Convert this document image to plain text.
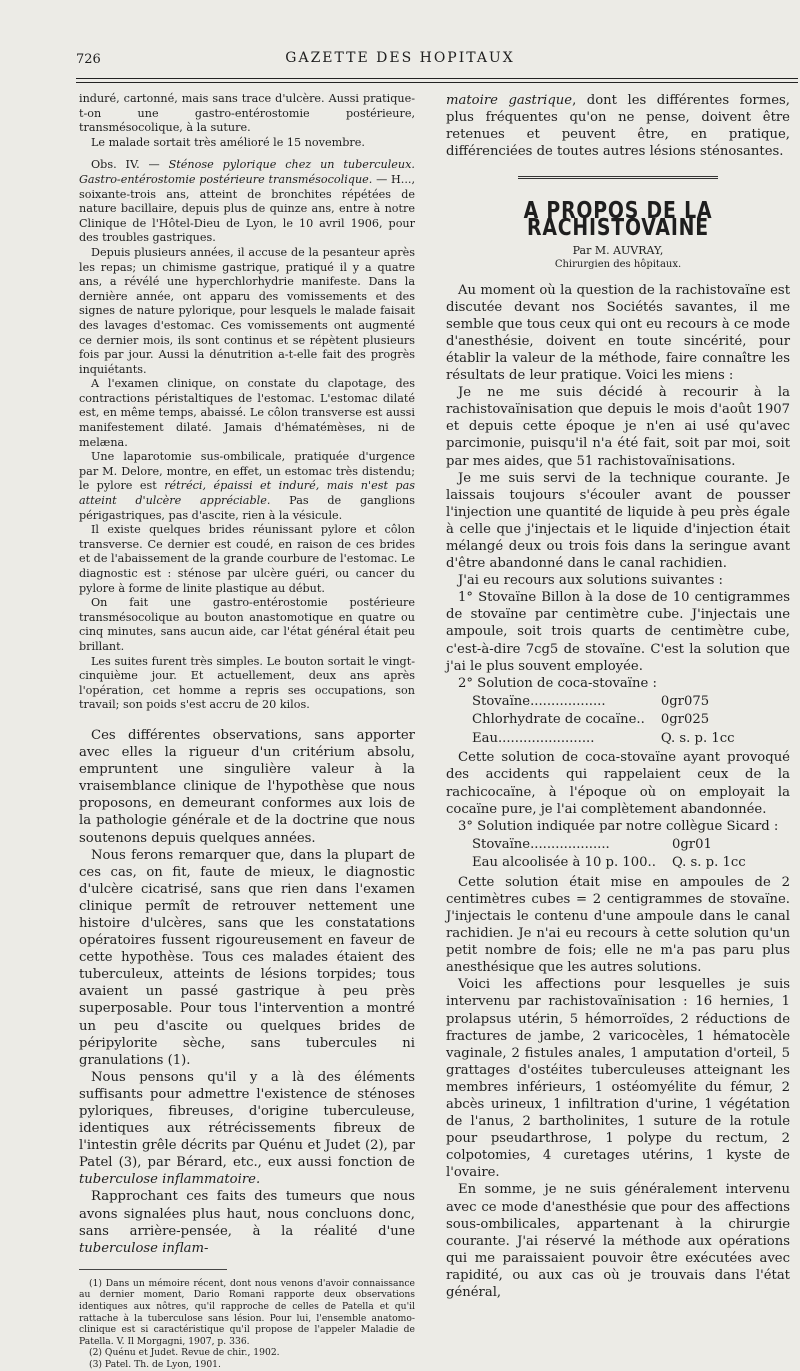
726	GAZETTE DES HOPITAUX

induré, cartonné, mais sans trace d'ulcère. Aussi pratique-t-on une gastro-entérostomie postérieure, transmésocolique, à la suture.

Le malade sortait très amélioré le 15 novembre.

Obs. IV. — Sténose pylorique chez un tuberculeux. Gastro-entérostomie postérieure transmésocolique. — H..., soixante-trois ans, atteint de bronchites répétées de nature bacillaire, depuis plus de quinze ans, entre à notre Clinique de l'Hôtel-Dieu de Lyon, le 10 avril 1906, pour des troubles gastriques.

Depuis plusieurs années, il accuse de la pesanteur après les repas; un chimisme gastrique, pratiqué il y a quatre ans, a révélé une hyperchlorhydrie manifeste. Dans la dernière année, ont apparu des vomissements et des signes de nature pylorique, pour lesquels le malade faisait des lavages d'estomac. Ces vomissements ont augmenté ce dernier mois, ils sont continus et se répètent plusieurs fois par jour. Aussi la dénutrition a-t-elle fait des progrès inquiétants.

A l'examen clinique, on constate du clapotage, des contractions péristaltiques de l'estomac. L'estomac dilaté est, en même temps, abaissé. Le côlon transverse est aussi manifestement dilaté. Jamais d'hématémèses, ni de melæna.

Une laparotomie sus-ombilicale, pratiquée d'urgence par M. Delore, montre, en effet, un estomac très distendu; le pylore est rétréci, épaissi et induré, mais n'est pas atteint d'ulcère appréciable. Pas de ganglions périgastriques, pas d'ascite, rien à la vésicule.

Il existe quelques brides réunissant pylore et côlon transverse. Ce dernier est coudé, en raison de ces brides et de l'abaissement de la grande courbure de l'estomac. Le diagnostic est : sténose par ulcère guéri, ou cancer du pylore à forme de linite plastique au début.

On fait une gastro-entérostomie postérieure transmésocolique au bouton anastomotique en quatre ou cinq minutes, sans aucun aide, car l'état général était peu brillant.

Les suites furent très simples. Le bouton sortait le vingt-cinquième jour. Et actuellement, deux ans après l'opération, cet homme a repris ses occupations, son travail; son poids s'est accru de 20 kilos.

Ces différentes observations, sans apporter avec elles la rigueur d'un critérium absolu, empruntent une singulière valeur à la vraisemblance clinique de l'hypothèse que nous proposons, en demeurant conformes aux lois de la pathologie générale et de la doctrine que nous soutenons depuis quelques années.

Nous ferons remarquer que, dans la plupart de ces cas, on fit, faute de mieux, le diagnostic d'ulcère cicatrisé, sans que rien dans l'examen clinique permît de retrouver nettement une histoire d'ulcères, sans que les constatations opératoires fussent rigoureusement en faveur de cette hypothèse. Tous ces malades étaient des tuberculeux, atteints de lésions torpides; tous avaient un passé gastrique à peu près superposable. Pour tous l'intervention a montré un peu d'ascite ou quelques brides de péripylorite sèche, sans tubercules ni granulations (1).

Nous pensons qu'il y a là des éléments suffisants pour admettre l'existence de sténoses pyloriques, fibreuses, d'origine tuberculeuse, identiques aux rétrécissements fibreux de l'intestin grêle décrits par Quénu et Judet (2), par Patel (3), par Bérard, etc., eux aussi fonction de tuberculose inflammatoire.

Rapprochant ces faits des tumeurs que nous avons signalées plus haut, nous concluons donc, sans arrière-pensée, à la réalité d'une tuberculose inflam-

(1) Dans un mémoire récent, dont nous venons d'avoir connaissance au dernier moment, Dario Romani rapporte deux observations identiques aux nôtres, qu'il rapproche de celles de Patella et qu'il rattache à la tuberculose sans lésion. Pour lui, l'ensemble anatomo-clinique est si caractéristique qu'il propose de l'appeler Maladie de Patella. V. Il Morgagni, 1907, p. 336.

(2) Quénu et Judet. Revue de chir., 1902.

(3) Patel. Th. de Lyon, 1901.

matoire gastrique, dont les différentes formes, plus fréquentes qu'on ne pense, doivent être retenues et peuvent être, en pratique, différenciées de toutes autres lésions sténosantes.

A PROPOS DE LA RACHISTOVAINE
Par M. AUVRAY,
Chirurgien des hôpitaux.

Au moment où la question de la rachistovaïne est discutée devant nos Sociétés savantes, il me semble que tous ceux qui ont eu recours à ce mode d'anesthésie, doivent en toute sincérité, pour établir la valeur de la méthode, faire connaître les résultats de leur pratique. Voici les miens :

Je ne me suis décidé à recourir à la rachistovaïnisation que depuis le mois d'août 1907 et depuis cette époque je n'en ai usé qu'avec parcimonie, puisqu'il n'a été fait, soit par moi, soit par mes aides, que 51 rachistovaïnisations.

Je me suis servi de la technique courante. Je laissais toujours s'écouler avant de pousser l'injection une quantité de liquide à peu près égale à celle que j'injectais et le liquide d'injection était mélangé deux ou trois fois dans la seringue avant d'être abandonné dans le canal rachidien.

J'ai eu recours aux solutions suivantes :

1° Stovaïne Billon à la dose de 10 centigrammes de stovaïne par centimètre cube. J'injectais une ampoule, soit trois quarts de centimètre cube, c'est-à-dire 7cg5 de stovaïne. C'est la solution que j'ai le plus souvent employée.

2° Solution de coca-stovaïne :

Stovaïne..................	0gr075
Chlorhydrate de cocaïne..	0gr025
Eau.......................	Q. s. p. 1cc

Cette solution de coca-stovaïne ayant provoqué des accidents qui rappelaient ceux de la rachicocaïne, à l'époque où on employait la cocaïne pure, je l'ai complètement abandonnée.

3° Solution indiquée par notre collègue Sicard :

Stovaïne...................	0gr01
Eau alcoolisée à 10 p. 100..	Q. s. p. 1cc

Cette solution était mise en ampoules de 2 centimètres cubes = 2 centigrammes de stovaïne. J'injectais le contenu d'une ampoule dans le canal rachidien. Je n'ai eu recours à cette solution qu'un petit nombre de fois; elle ne m'a pas paru plus anesthésique que les autres solutions.

Voici les affections pour lesquelles je suis intervenu par rachistovaïnisation : 16 hernies, 1 prolapsus utérin, 5 hémorroïdes, 2 réductions de fractures de jambe, 2 varicocèles, 1 hématocèle vaginale, 2 fistules anales, 1 amputation d'orteil, 5 grattages d'ostéites tuberculeuses atteignant les membres inférieurs, 1 ostéomyélite du fémur, 2 abcès urineux, 1 infiltration d'urine, 1 végétation de l'anus, 2 bartholinites, 1 suture de la rotule pour pseudarthrose, 1 polype du rectum, 2 colpotomies, 4 curetages utérins, 1 kyste de l'ovaire.

En somme, je ne suis généralement intervenu avec ce mode d'anesthésie que pour des affections sous-ombilicales, appartenant à la chirurgie courante. J'ai réservé la méthode aux opérations qui me paraissaient pouvoir être exécutées avec rapidité, ou aux cas où je trouvais dans l'état général,
